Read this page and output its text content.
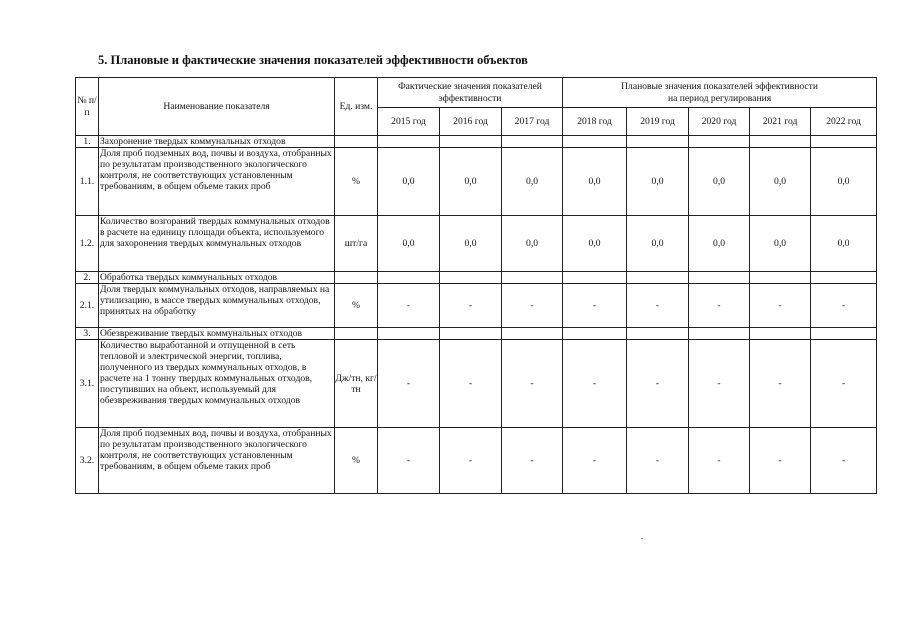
5. Плановые и фактические значения показателей эффективности объектов
№ п/п	Наименование показателя	Ед. изм.	Фактические значения показателей эффективности			Плановые значения показателей эффективности
на период регулирования				
			2015 год	2016 год	2017 год	2018 год	2019 год	2020 год	2021 год	2022 год
1.	Захоронение твердых коммунальных отходов									
1.1.	Доля проб подземных вод, почвы и воздуха, отобранных по результатам производственного экологического контроля, не соответствующих установленным требованиям, в общем объеме таких проб	%	0,0	0,0	0,0	0,0	0,0	0,0	0,0	0,0
1.2.	Количество возгораний твердых коммунальных отходов в расчете на единицу площади объекта, используемого для захоронения твердых коммунальных отходов	шт/га	0,0	0,0	0,0	0,0	0,0	0,0	0,0	0,0
2.	Обработка твердых коммунальных отходов									
2.1.	Доля твердых коммунальных отходов, направляемых на утилизацию, в массе твердых коммунальных отходов, принятых на обработку	%	-	-	-	-	-	-	-	-
3.	Обезвреживание твердых коммунальных отходов									
3.1.	Количество выработанной и отпущенной в сеть тепловой и электрической энергии, топлива, полученного из твердых коммунальных отходов, в расчете на 1 тонну твердых коммунальных отходов, поступивших на объект, используемый для обезвреживания твердых коммунальных отходов	Дж/тн, кг/тн	-	-	-	-	-	-	-	-
3.2.	Доля проб подземных вод, почвы и воздуха, отобранных по результатам производственного экологического контроля, не соответствующих установленным требованиям, в общем объеме таких проб	%	-	-	-	-	-	-	-	-
